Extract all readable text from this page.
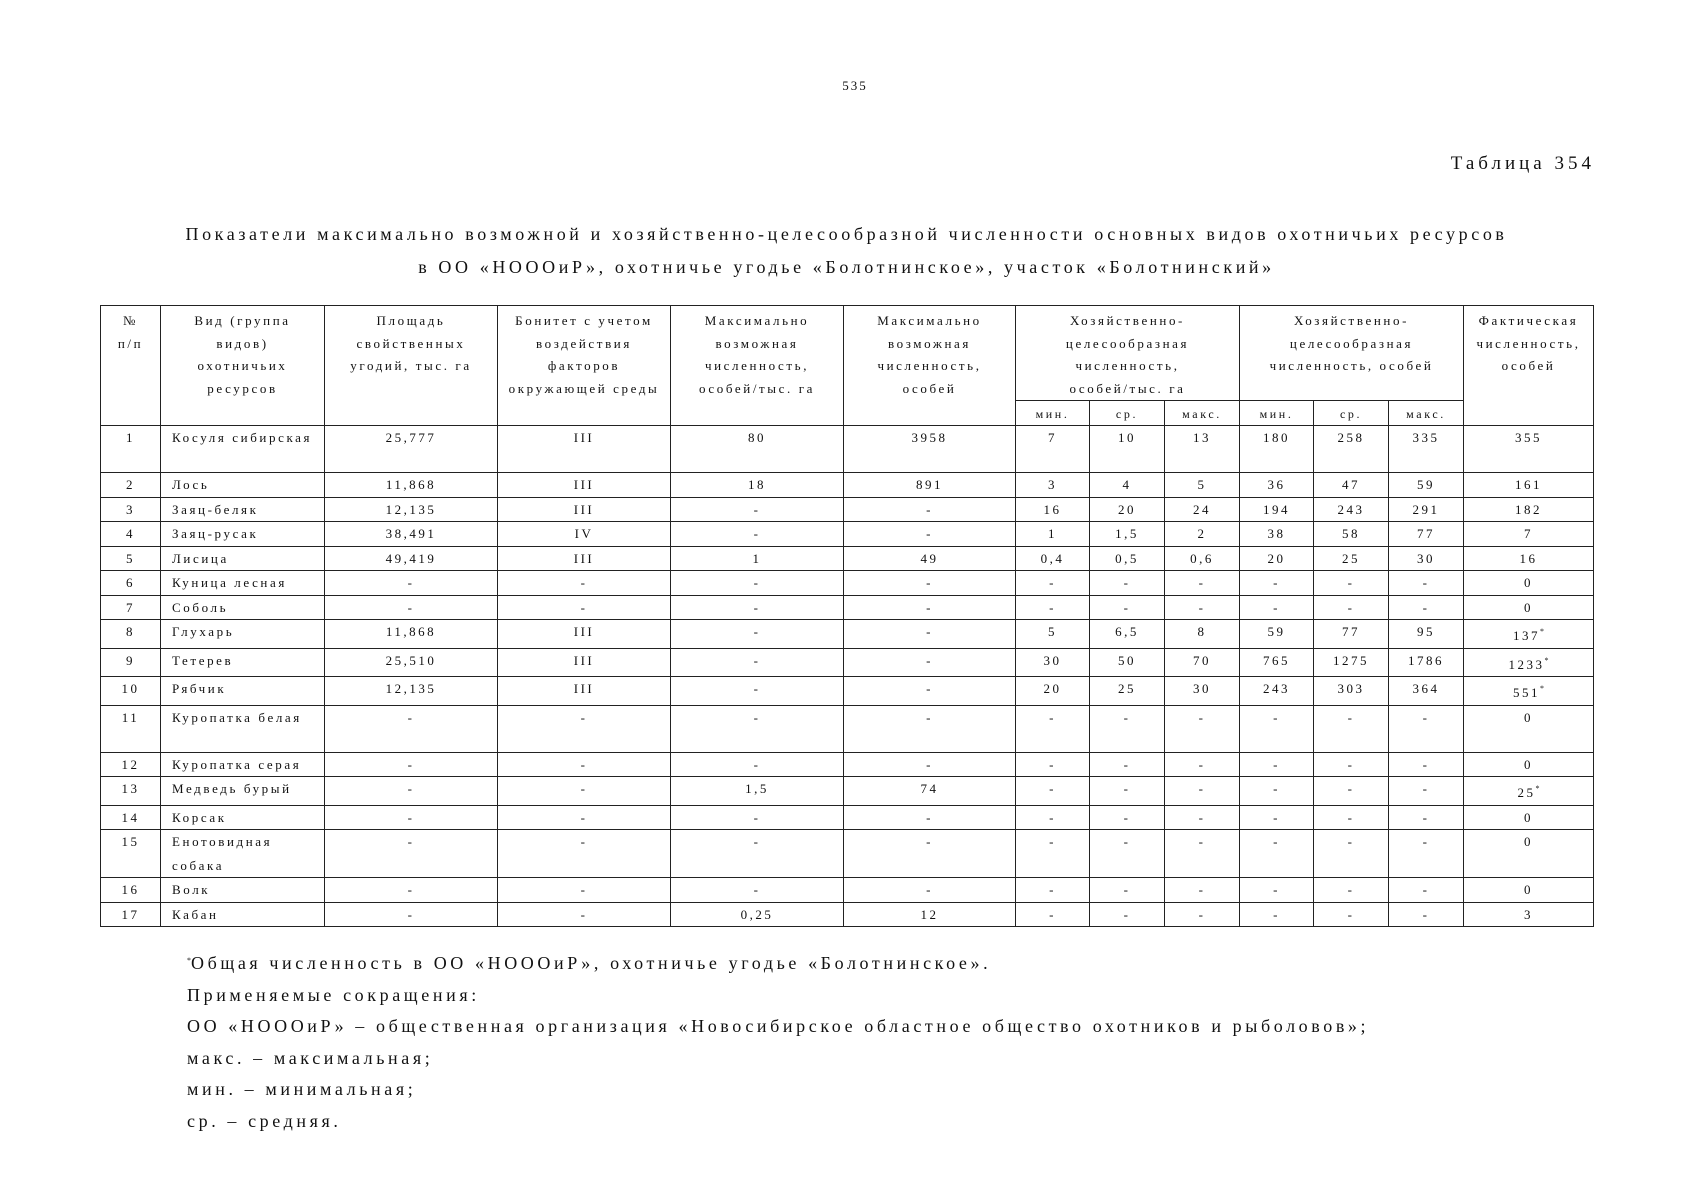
535
Таблица 354
Показатели максимально возможной и хозяйственно-целесообразной численности основных видов охотничьих ресурсов
в ОО «НОООиР», охотничье угодье «Болотнинское», участок «Болотнинский»
№ п/п	Вид (группа видов) охотничьих ресурсов	Площадь свойственных угодий, тыс. га	Бонитет с учетом воздействия факторов окружающей среды	Максимально возможная численность, особей/тыс. га	Максимально возможная численность, особей	Хозяйственно-целесообразная численность, особей/тыс. га			Хозяйственно-целесообразная численность, особей			Фактическая численность, особей
						мин.	ср.	макс.	мин.	ср.	макс.	
1	Косуля сибирская	25,777	III	80	3958	7	10	13	180	258	335	355
2	Лось	11,868	III	18	891	3	4	5	36	47	59	161
3	Заяц-беляк	12,135	III	-	-	16	20	24	194	243	291	182
4	Заяц-русак	38,491	IV	-	-	1	1,5	2	38	58	77	7
5	Лисица	49,419	III	1	49	0,4	0,5	0,6	20	25	30	16
6	Куница лесная	-	-	-	-	-	-	-	-	-	-	0
7	Соболь	-	-	-	-	-	-	-	-	-	-	0
8	Глухарь	11,868	III	-	-	5	6,5	8	59	77	95	137*
9	Тетерев	25,510	III	-	-	30	50	70	765	1275	1786	1233*
10	Рябчик	12,135	III	-	-	20	25	30	243	303	364	551*
11	Куропатка белая	-	-	-	-	-	-	-	-	-	-	0
12	Куропатка серая	-	-	-	-	-	-	-	-	-	-	0
13	Медведь бурый	-	-	1,5	74	-	-	-	-	-	-	25*
14	Корсак	-	-	-	-	-	-	-	-	-	-	0
15	Енотовидная собака	-	-	-	-	-	-	-	-	-	-	0
16	Волк	-	-	-	-	-	-	-	-	-	-	0
17	Кабан	-	-	0,25	12	-	-	-	-	-	-	3
*Общая численность в ОО «НОООиР», охотничье угодье «Болотнинское».
Применяемые сокращения:
ОО «НОООиР» – общественная организация «Новосибирское областное общество охотников и рыболовов»;
макс. – максимальная;
мин. – минимальная;
ср. – средняя.
